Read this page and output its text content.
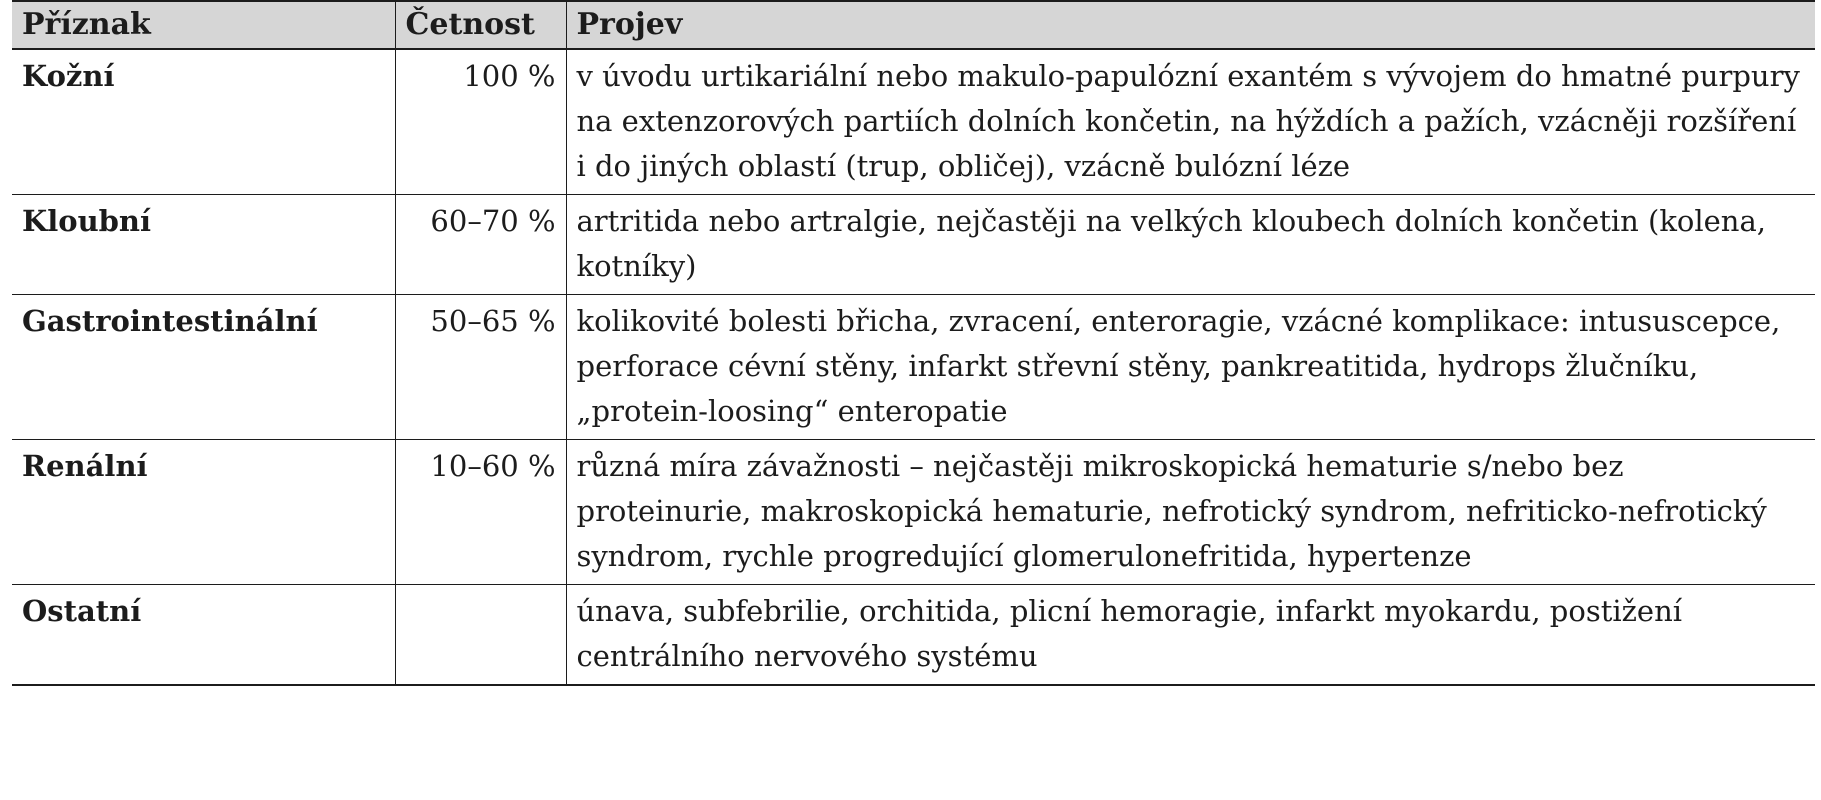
Příznak	Četnost	Projev
Kožní	100 %	v úvodu urtikariální nebo makulo-papulózní exantém s vývojem do hmatné purpury na extenzorových partiích dolních končetin, na hýždích a pažích, vzácněji rozšíření i do jiných oblastí (trup, obličej), vzácně bulózní léze
Kloubní	60–70 %	artritida nebo artralgie, nejčastěji na velkých kloubech dolních končetin (kolena, kotníky)
Gastrointestinální	50–65 %	kolikovité bolesti břicha, zvracení, enteroragie, vzácné komplikace: intususcepce, perforace cévní stěny, infarkt střevní stěny, pankreatitida, hydrops žlučníku, „protein-loosing“ enteropatie
Renální	10–60 %	různá míra závažnosti – nejčastěji mikroskopická hematurie s/nebo bez proteinurie, makroskopická hematurie, nefrotický syndrom, nefriticko-nefrotický syndrom, rychle progredující glomerulonefritida, hypertenze
Ostatní		únava, subfebrilie, orchitida, plicní hemoragie, infarkt myokardu, postižení centrálního nervového systému
